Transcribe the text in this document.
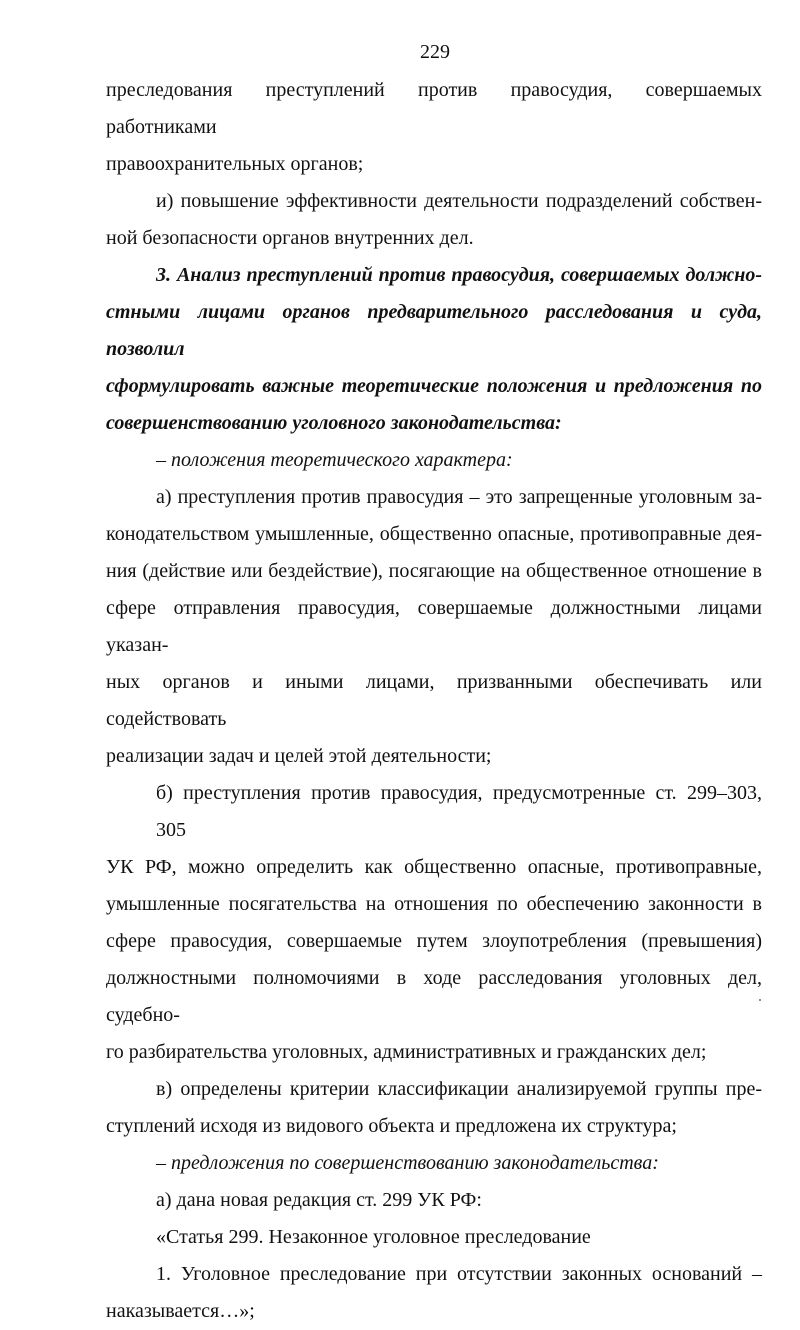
229

преследования преступлений против правосудия, совершаемых работниками
правоохранительных органов;

и) повышение эффективности деятельности подразделений собствен-
ной безопасности органов внутренних дел.

3. Анализ преступлений против правосудия, совершаемых должно-
стными лицами органов предварительного расследования и суда, позволил
сформулировать важные теоретические положения и предложения по
совершенствованию уголовного законодательства:

– положения теоретического характера:

а) преступления против правосудия – это запрещенные уголовным за-
конодательством умышленные, общественно опасные, противоправные дея-
ния (действие или бездействие), посягающие на общественное отношение в
сфере отправления правосудия, совершаемые должностными лицами указан-
ных органов и иными лицами, призванными обеспечивать или содействовать
реализации задач и целей этой деятельности;

б) преступления против правосудия, предусмотренные ст. 299–303, 305
УК РФ, можно определить как общественно опасные, противоправные,
умышленные посягательства на отношения по обеспечению законности в
сфере правосудия, совершаемые путем злоупотребления (превышения)
должностными полномочиями в ходе расследования уголовных дел, судебно-
го разбирательства уголовных, административных и гражданских дел;

в) определены критерии классификации анализируемой группы пре-
ступлений исходя из видового объекта и предложена их структура;

– предложения по совершенствованию законодательства:

а) дана новая редакция ст. 299 УК РФ:

«Статья 299. Незаконное уголовное преследование

1. Уголовное преследование при отсутствии законных оснований –
наказывается…»;
